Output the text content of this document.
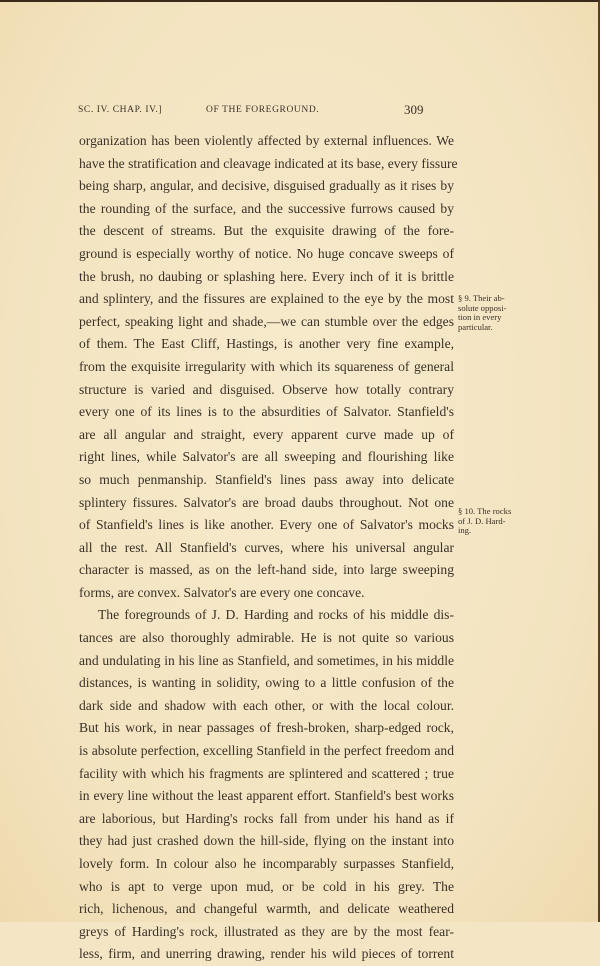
SC. IV. CHAP. IV.]	OF THE FOREGROUND.	309
organization has been violently affected by external influences. We
have the stratification and cleavage indicated at its base, every fissure
being sharp, angular, and decisive, disguised gradually as it rises by
the rounding of the surface, and the successive furrows caused by
the descent of streams. But the exquisite drawing of the fore-
ground is especially worthy of notice. No huge concave sweeps of
the brush, no daubing or splashing here. Every inch of it is brittle
and splintery, and the fissures are explained to the eye by the most
perfect, speaking light and shade,—we can stumble over the edges
of them. The East Cliff, Hastings, is another very fine example,
from the exquisite irregularity with which its squareness of general
structure is varied and disguised. Observe how totally contrary
every one of its lines is to the absurdities of Salvator. Stanfield's
are all angular and straight, every apparent curve made up of
right lines, while Salvator's are all sweeping and flourishing like
so much penmanship. Stanfield's lines pass away into delicate
splintery fissures. Salvator's are broad daubs throughout. Not one
of Stanfield's lines is like another. Every one of Salvator's mocks
all the rest. All Stanfield's curves, where his universal angular
character is massed, as on the left-hand side, into large sweeping
forms, are convex. Salvator's are every one concave.
The foregrounds of J. D. Harding and rocks of his middle dis-
tances are also thoroughly admirable. He is not quite so various
and undulating in his line as Stanfield, and sometimes, in his middle
distances, is wanting in solidity, owing to a little confusion of the
dark side and shadow with each other, or with the local colour.
But his work, in near passages of fresh-broken, sharp-edged rock,
is absolute perfection, excelling Stanfield in the perfect freedom and
facility with which his fragments are splintered and scattered ; true
in every line without the least apparent effort. Stanfield's best works
are laborious, but Harding's rocks fall from under his hand as if
they had just crashed down the hill-side, flying on the instant into
lovely form. In colour also he incomparably surpasses Stanfield,
who is apt to verge upon mud, or be cold in his grey. The
rich, lichenous, and changeful warmth, and delicate weathered
greys of Harding's rock, illustrated as they are by the most fear-
less, firm, and unerring drawing, render his wild pieces of torrent
§ 9. Their ab-
solute opposi-
tion in every
particular.
§ 10. The rocks
of J. D. Hard-
ing.
